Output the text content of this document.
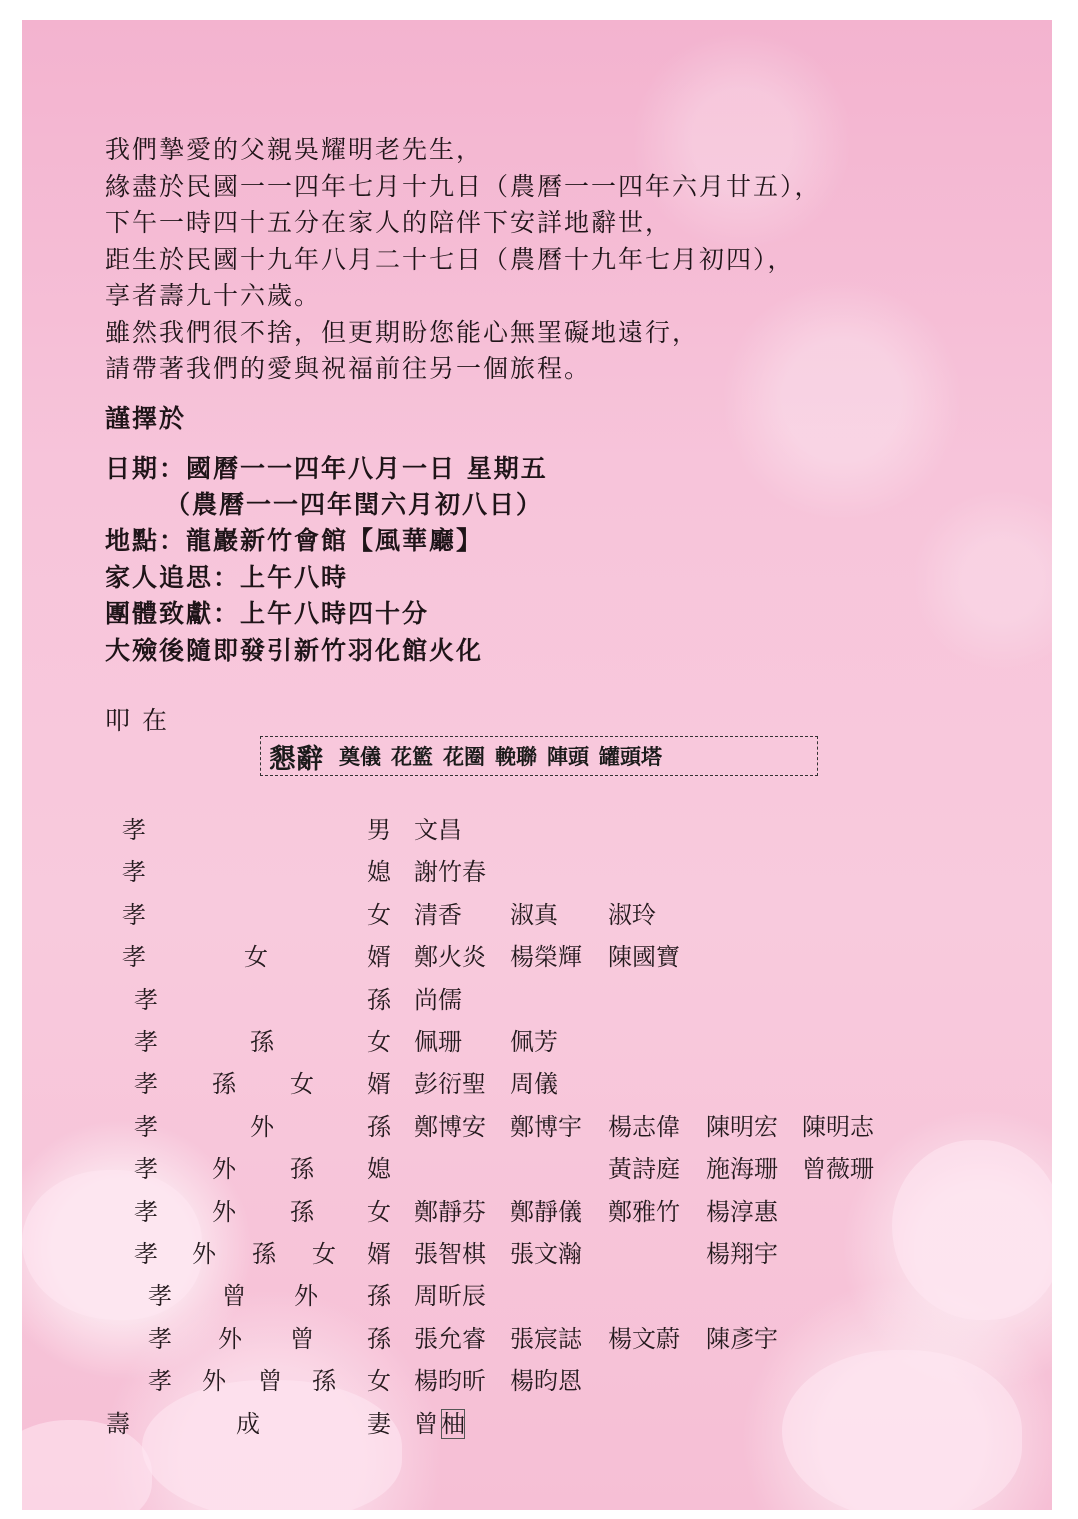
我們摯愛的父親吳耀明老先生，
緣盡於民國一一四年七月十九日（農曆一一四年六月廿五），
下午一時四十五分在家人的陪伴下安詳地辭世，
距生於民國十九年八月二十七日（農曆十九年七月初四），
享者壽九十六歲。
雖然我們很不捨，但更期盼您能心無罣礙地遠行，
請帶著我們的愛與祝福前往另一個旅程。
謹擇於
日期：國曆一一四年八月一日 星期五
（農曆一一四年閏六月初八日）
地點：龍巖新竹會館【風華廳】
家人追思：上午八時
團體致獻：上午八時四十分
大殮後隨即發引新竹羽化館火化
叩 在
懇辭 奠儀 花籃 花圈 輓聯 陣頭 罐頭塔
孝	男 文昌
孝	媳 謝竹春
孝	女 清香 淑真 淑玲
孝	女	婿 鄭火炎 楊榮輝 陳國寶
孝	孫 尚儒
孝	孫	女 佩珊 佩芳
孝 孫 女 婿 彭衍聖 周儀
孝	外	孫 鄭博安 鄭博宇 楊志偉 陳明宏 陳明志
孝 外 孫 媳	黃詩庭 施海珊 曾薇珊
孝 外 孫 女 鄭靜芬 鄭靜儀 鄭雅竹 楊淳惠
孝 外 孫 女 婿 張智棋 張文瀚	楊翔宇
孝 曾 外 孫 周昕辰
孝 外 曾 孫 張允睿 張宸誌 楊文蔚 陳彥宇
孝 外 曾 孫 女 楊昀昕 楊昀恩
壽	成	妻 曾 柚
